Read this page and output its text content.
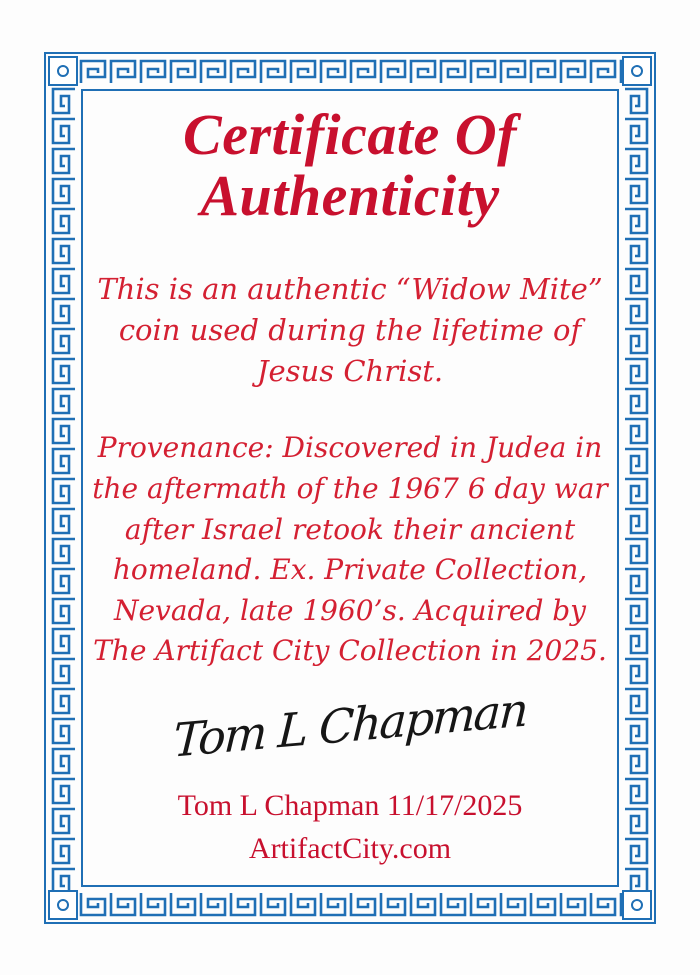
Certificate Of
Authenticity

This is an authentic “Widow Mite” coin used during the lifetime of Jesus Christ.

Provenance: Discovered in Judea in the aftermath of the 1967 6 day war after Israel retook their ancient homeland. Ex. Private Collection, Nevada, late 1960’s. Acquired by The Artifact City Collection in 2025.

Tom L Chapman
Tom L Chapman 11/17/2025
ArtifactCity.com
